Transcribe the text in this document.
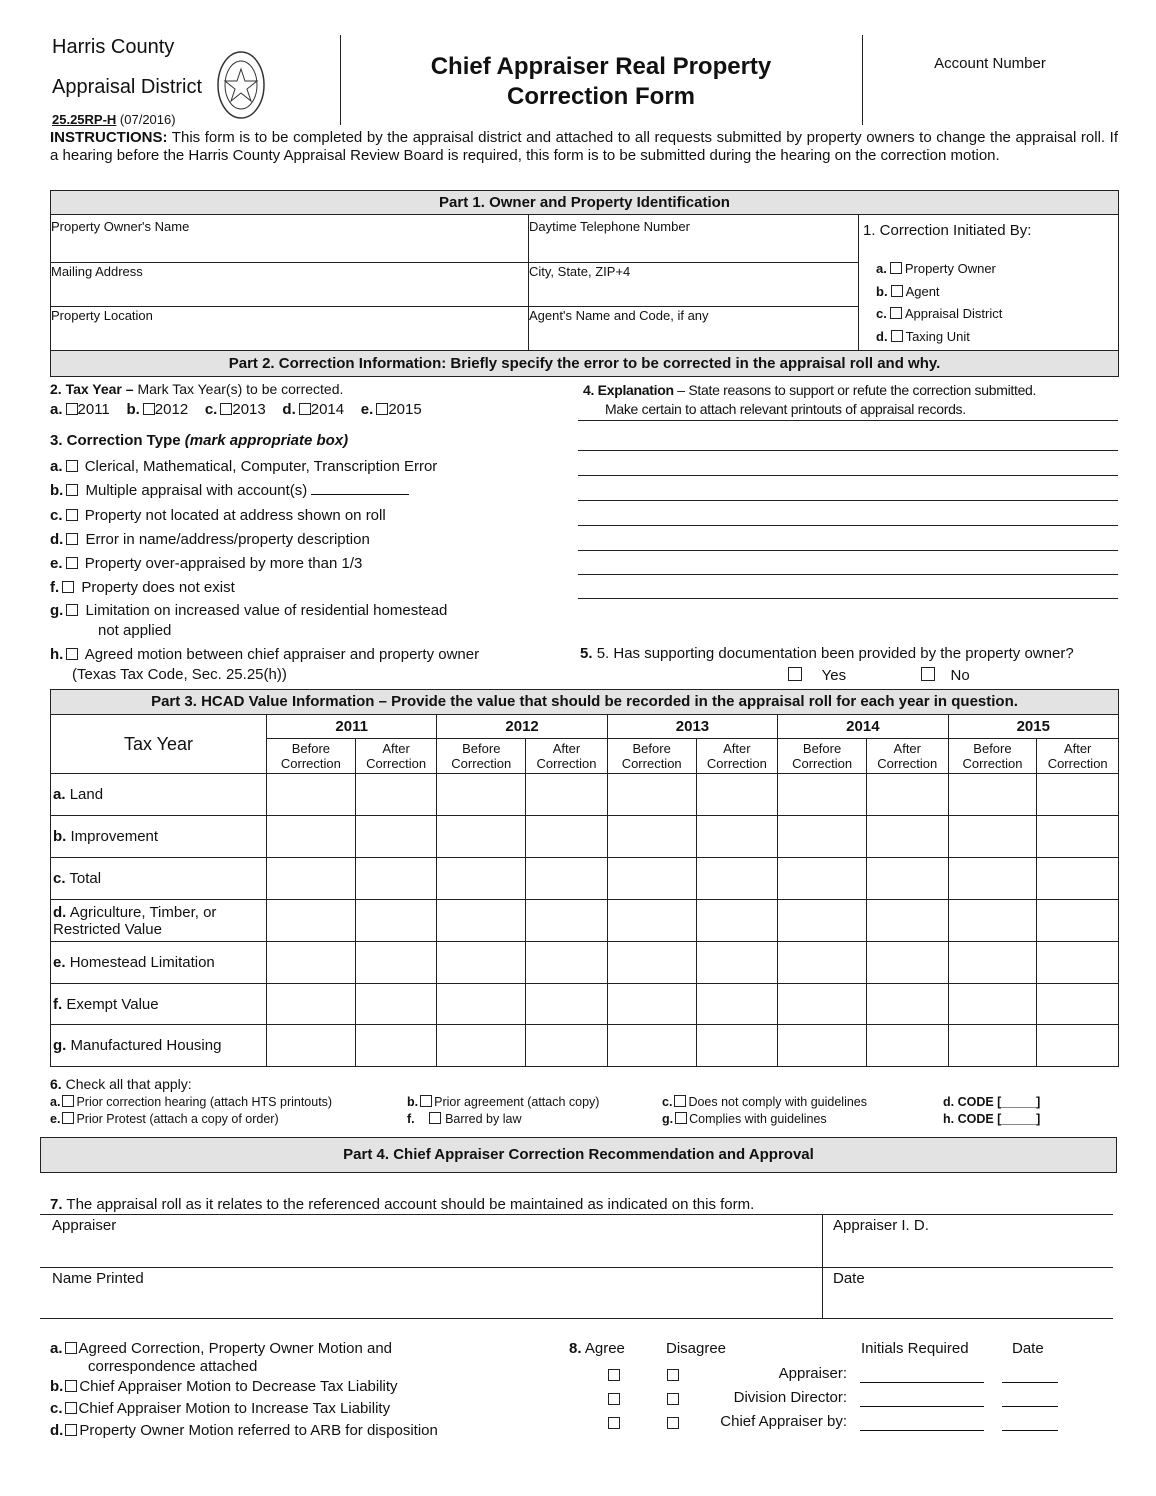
Harris County
Appraisal District
25.25RP-H (07/2016)
Chief Appraiser Real Property
Correction Form
Account Number
INSTRUCTIONS: This form is to be completed by the appraisal district and attached to all requests submitted by property owners to change the appraisal roll. If a hearing before the Harris County Appraisal Review Board is required, this form is to be submitted during the hearing on the correction motion.
Part 1. Owner and Property Identification
Property Owner's Name	Daytime Telephone Number
Mailing Address	City, State, ZIP+4
Property Location	Agent's Name and Code, if any
1. Correction Initiated By:
a. Property Owner
b. Agent
c. Appraisal District
d. Taxing Unit
Part 2. Correction Information: Briefly specify the error to be corrected in the appraisal roll and why.
2. Tax Year – Mark Tax Year(s) to be corrected.
a. 2011 b. 2012 c. 2013 d. 2014 e. 2015
3. Correction Type (mark appropriate box)
a. Clerical, Mathematical, Computer, Transcription Error
b. Multiple appraisal with account(s)
c. Property not located at address shown on roll
d. Error in name/address/property description
e. Property over-appraised by more than 1/3
f. Property does not exist
g. Limitation on increased value of residential homestead
not applied
h. Agreed motion between chief appraiser and property owner
(Texas Tax Code, Sec. 25.25(h))
4. Explanation – State reasons to support or refute the correction submitted.
Make certain to attach relevant printouts of appraisal records.
5. 5. Has supporting documentation been provided by the property owner?
Yes	No
Part 3. HCAD Value Information – Provide the value that should be recorded in the appraisal roll for each year in question.
Tax Year	2011		2012		2013		2014		2015	
	Before Correction	After Correction	Before Correction	After Correction	Before Correction	After Correction	Before Correction	After Correction	Before Correction	After Correction
a. Land										
b. Improvement										
c. Total										
d. Agriculture, Timber, or Restricted Value										
e. Homestead Limitation										
f. Exempt Value										
g. Manufactured Housing										
6. Check all that apply:
a. Prior correction hearing (attach HTS printouts)	b. Prior agreement (attach copy)	c. Does not comply with guidelines	d. CODE [_____]
e. Prior Protest (attach a copy of order)	f. Barred by law	g. Complies with guidelines	h. CODE [_____]
Part 4. Chief Appraiser Correction Recommendation and Approval
7. The appraisal roll as it relates to the referenced account should be maintained as indicated on this form.
Appraiser	Appraiser I. D.
Name Printed	Date
a. Agreed Correction, Property Owner Motion and
correspondence attached
b. Chief Appraiser Motion to Decrease Tax Liability
c. Chief Appraiser Motion to Increase Tax Liability
d. Property Owner Motion referred to ARB for disposition
8. Agree	Disagree	Initials Required	Date
Appraiser:
Division Director:
Chief Appraiser by:
